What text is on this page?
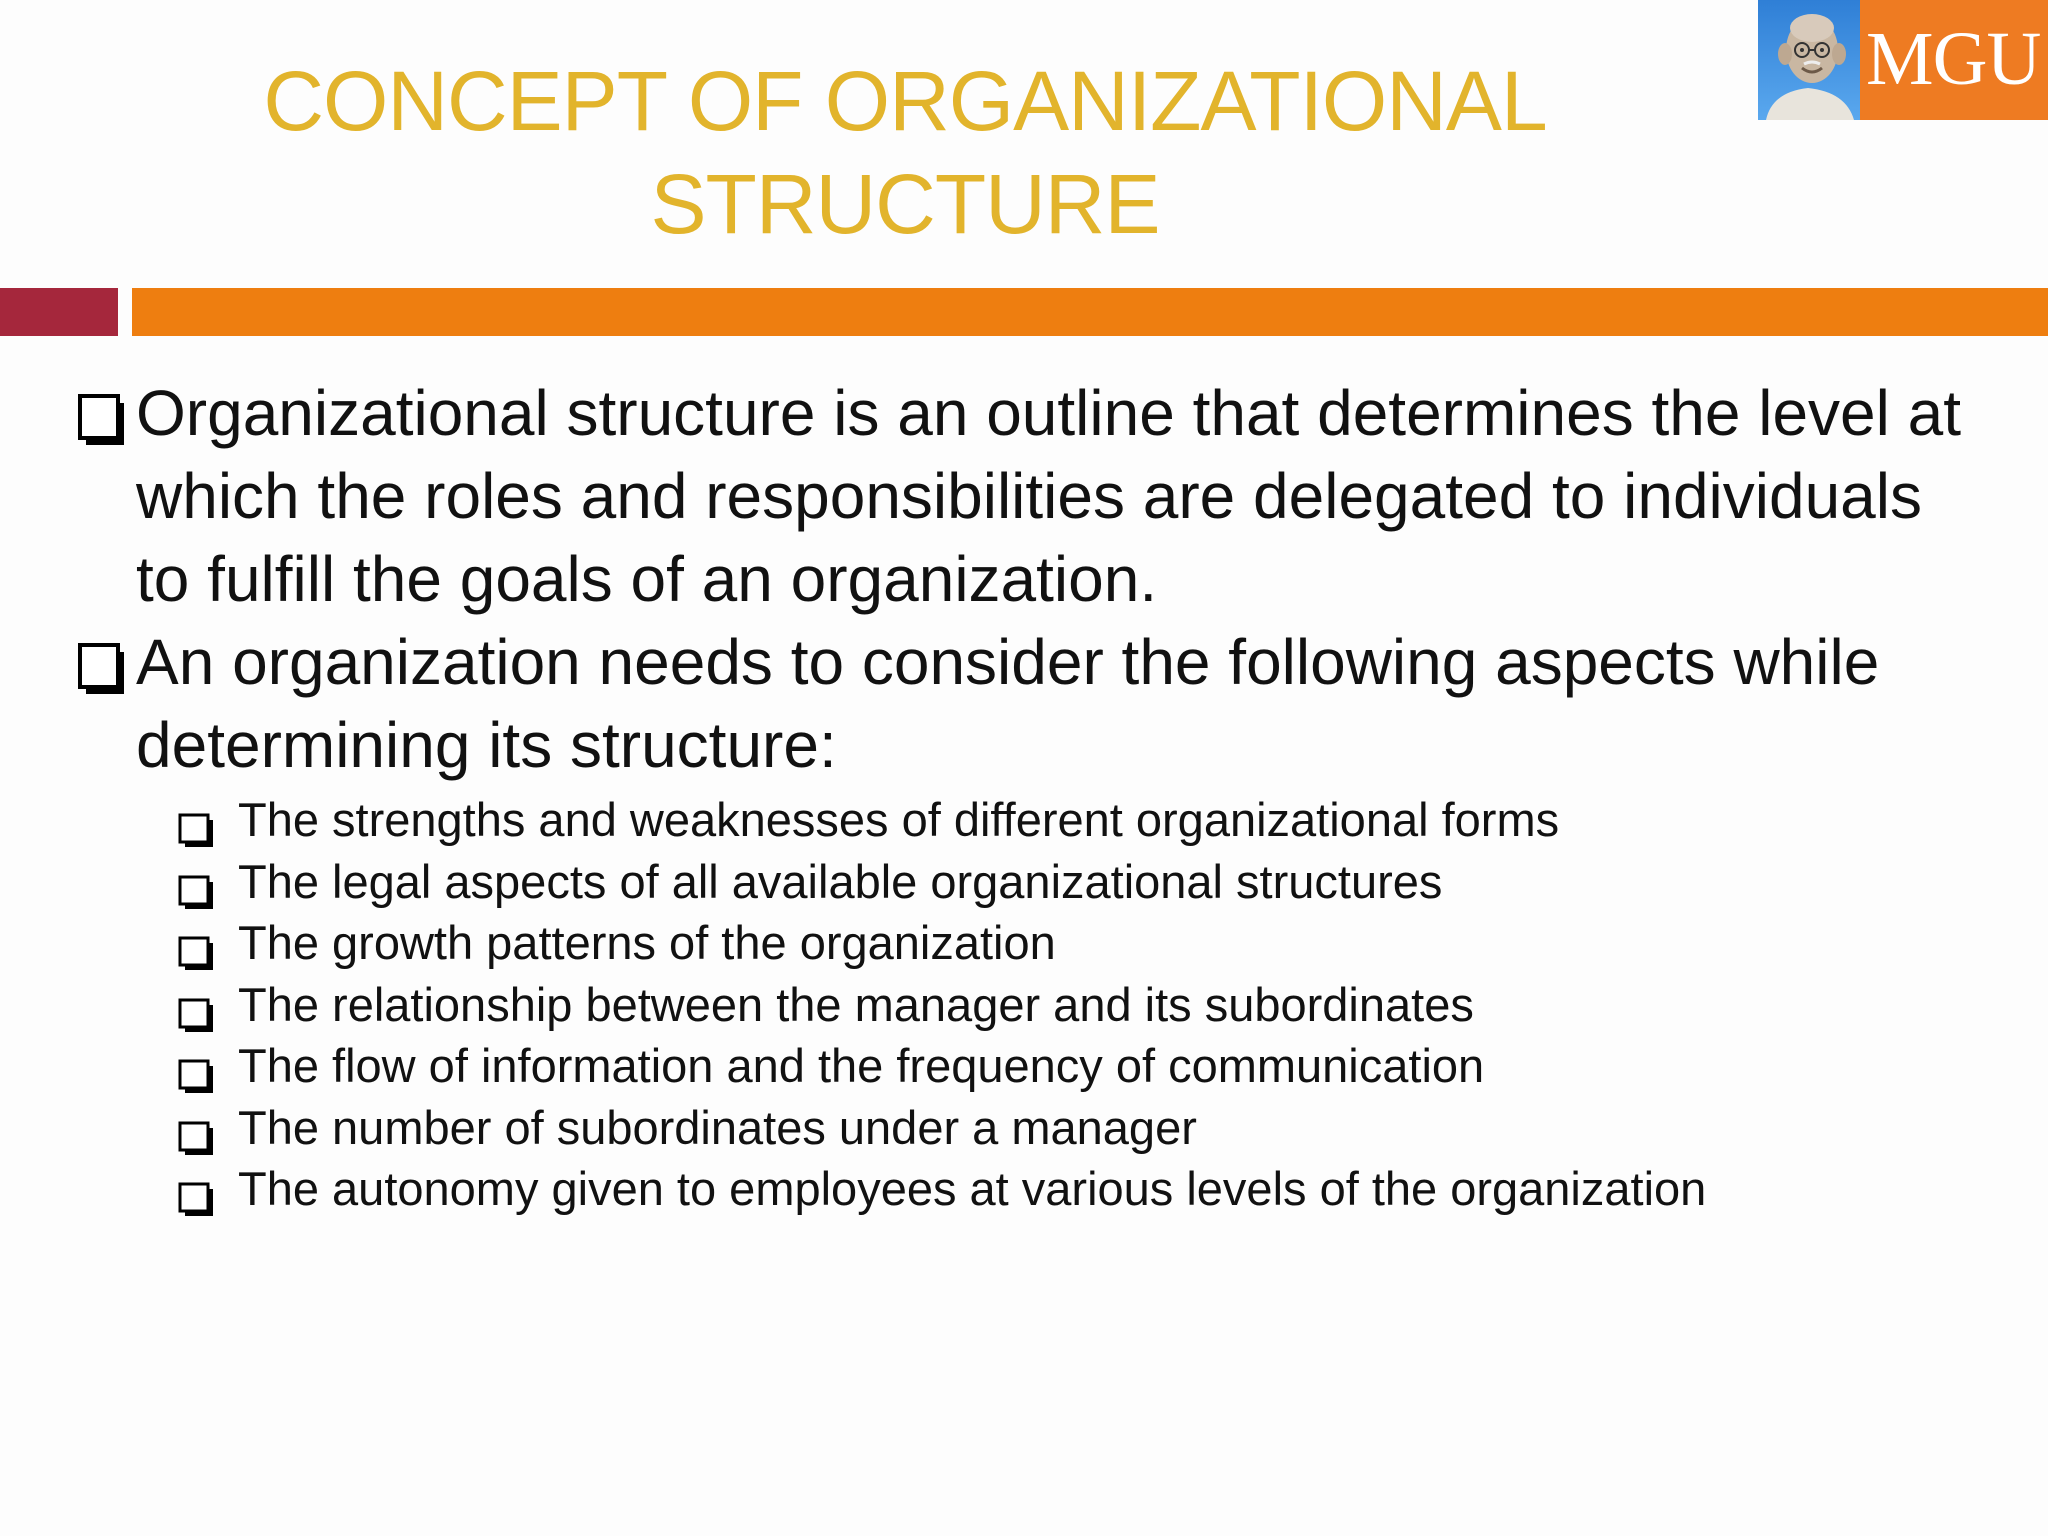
CONCEPT OF ORGANIZATIONAL
STRUCTURE
MGU
Organizational structure is an outline that determines the level at which the roles and responsibilities are delegated to individuals to fulfill the goals of an organization.
An organization needs to consider the following aspects while determining its structure:
The strengths and weaknesses of different organizational forms
The legal aspects of all available organizational structures
The growth patterns of the organization
The relationship between the manager and its subordinates
The flow of information and the frequency of communication
The number of subordinates under a manager
The autonomy given to employees at various levels of the organization
